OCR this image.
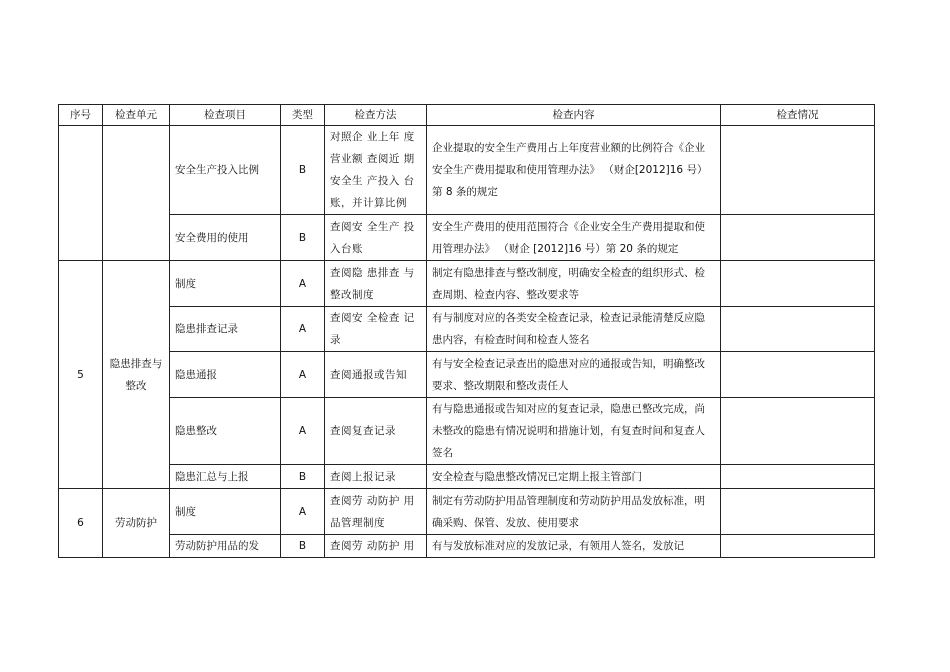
序号	检查单元	检查项目	类型	检查方法	检查内容	检查情况
		安全生产投入比例	B	对照企 业上年 度营业额 查阅近 期安全生 产投入 台账，并计算比例	企业提取的安全生产费用占上年度营业额的比例符合《企业安全生产费用提取和使用管理办法》 （财企[2012]16 号）第 8 条的规定	
		安全费用的使用	B	查阅安 全生产 投入台账	安全生产费用的使用范围符合《企业安全生产费用提取和使用管理办法》 （财企 [2012]16 号）第 20 条的规定	
5	隐患排查与整改	制度	A	查阅隐 患排查 与整改制度	制定有隐患排查与整改制度，明确安全检查的组织形式、检查周期、检查内容、整改要求等	
		隐患排查记录	A	查阅安 全检查 记录	有与制度对应的各类安全检查记录，检查记录能清楚反应隐患内容，有检查时间和检查人签名	
		隐患通报	A	查阅通报或告知	有与安全检查记录查出的隐患对应的通报或告知，明确整改要求、整改期限和整改责任人	
		隐患整改	A	查阅复查记录	有与隐患通报或告知对应的复查记录，隐患已整改完成，尚未整改的隐患有情况说明和措施计划，有复查时间和复查人签名	
		隐患汇总与上报	B	查阅上报记录	安全检查与隐患整改情况已定期上报主管部门	
6	劳动防护	制度	A	查阅劳 动防护 用品管理制度	制定有劳动防护用品管理制度和劳动防护用品发放标准，明确采购、保管、发放、使用要求	
		劳动防护用品的发	B	查阅劳 动防护 用	有与发放标准对应的发放记录，有领用人签名，发放记	
